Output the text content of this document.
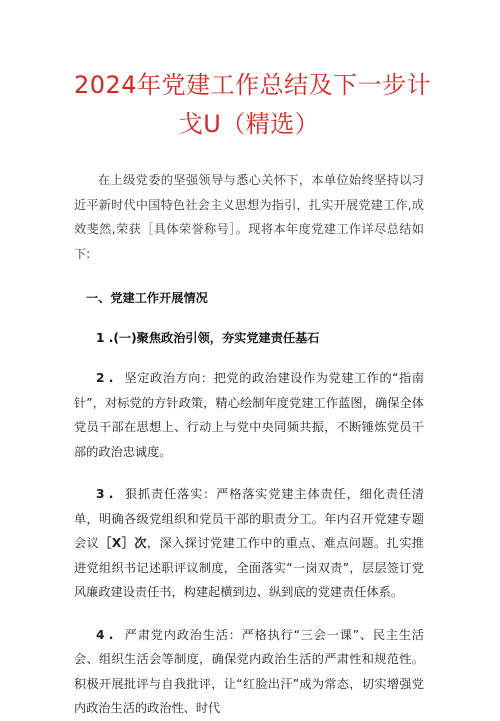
2024年党建工作总结及下一步计
戈U（精选）

在上级党委的坚强领导与悉心关怀下，本单位始终坚持以习近平新时代中国特色社会主义思想为指引，扎实开展党建工作,成效斐然,荣获［具体荣誉称号］。现将本年度党建工作详尽总结如下:

一、党建工作开展情况

1 .(一)聚焦政治引领，夯实党建责任基石

2 . 坚定政治方向：把党的政治建设作为党建工作的“指南针”，对标党的方针政策，精心绘制年度党建工作蓝图，确保全体党员干部在思想上、行动上与党中央同频共振，不断锤炼党员干部的政治忠诚度。

3 . 狠抓责任落实：严格落实党建主体责任，细化责任清单，明确各级党组织和党员干部的职责分工。年内召开党建专题会议［X］次，深入探讨党建工作中的重点、难点问题。扎实推进党组织书记述职评议制度，全面落实“一岗双责”，层层签订党风廉政建设责任书，构建起横到边、纵到底的党建责任体系。

4 . 严肃党内政治生活：严格执行“三会一课”、民主生活会、组织生活会等制度，确保党内政治生活的严肃性和规范性。积极开展批评与自我批评，让“红脸出汗”成为常态，切实增强党内政治生活的政治性、时代
